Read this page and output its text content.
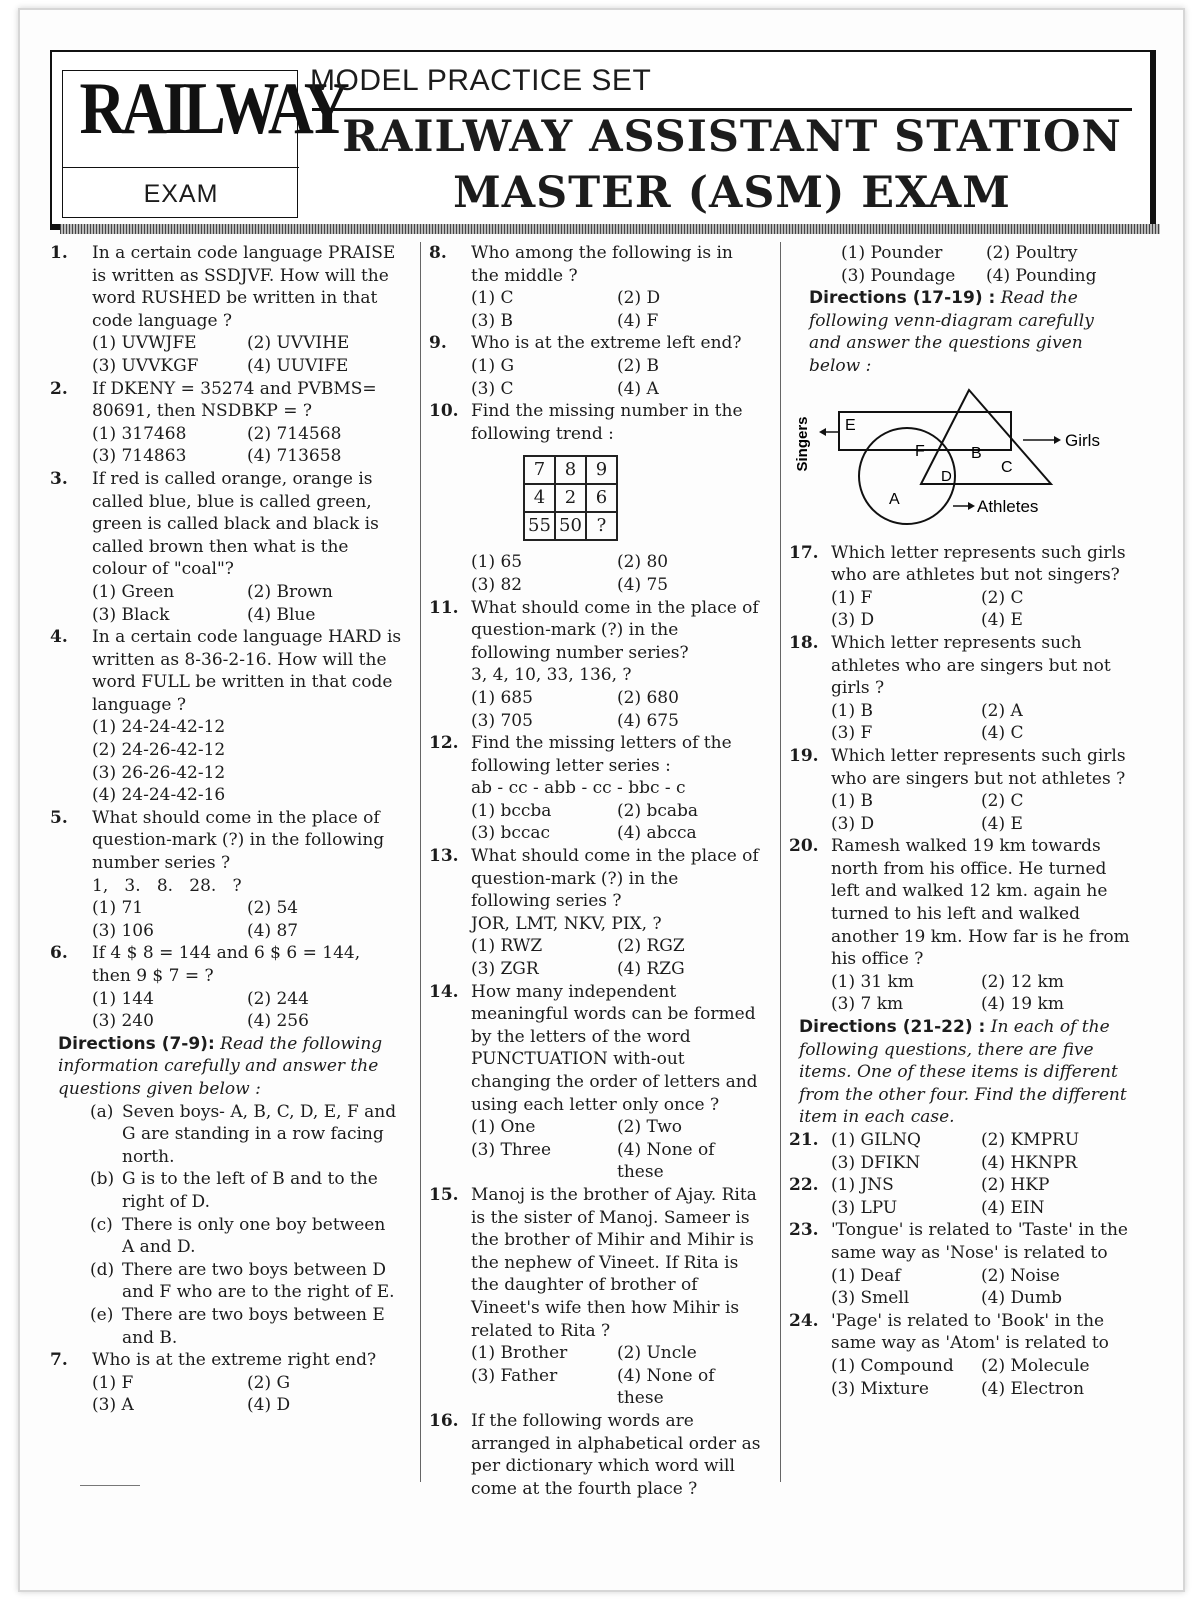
RAILWAY
EXAM
MODEL PRACTICE SET
RAILWAY ASSISTANT STATION
MASTER (ASM) EXAM
1. In a certain code language PRAISE is written as SSDJVF. How will the word RUSHED be written in that code language ?
(1) UVWJFE	(2) UVVIHE
(3) UVVKGF	(4) UUVIFE
2. If DKENY = 35274 and PVBMS= 80691, then NSDBKP = ?
(1) 317468	(2) 714568
(3) 714863	(4) 713658
3. If red is called orange, orange is called blue, blue is called green, green is called black and black is called brown then what is the colour of "coal"?
(1) Green	(2) Brown
(3) Black	(4) Blue
4. In a certain code language HARD is written as 8-36-2-16. How will the word FULL be written in that code language ?
(1) 24-24-42-12
(2) 24-26-42-12
(3) 26-26-42-12
(4) 24-24-42-16
5. What should come in the place of question-mark (?) in the following number series ?
1,   3.   8.   28.   ?
(1) 71	(2) 54
(3) 106	(4) 87
6. If 4 $ 8 = 144 and 6 $ 6 = 144, then 9 $ 7 = ?
(1) 144	(2) 244
(3) 240	(4) 256
Directions (7-9): Read the following information carefully and answer the questions given below :
(a) Seven boys- A, B, C, D, E, F and G are standing in a row facing north.
(b) G is to the left of B and to the right of D.
(c) There is only one boy between A and D.
(d) There are two boys between D and F who are to the right of E.
(e) There are two boys between E and B.
7. Who is at the extreme right end?
(1) F	(2) G
(3) A	(4) D
8. Who among the following is in the middle ?
(1) C	(2) D
(3) B	(4) F
9. Who is at the extreme left end?
(1) G	(2) B
(3) C	(4) A
10. Find the missing number in the following trend :
7	8	9
4	2	6
55	50	?
(1) 65	(2) 80
(3) 82	(4) 75
11. What should come in the place of question-mark (?) in the following number series?
3, 4, 10, 33, 136, ?
(1) 685	(2) 680
(3) 705	(4) 675
12. Find the missing letters of the following letter series :
ab - cc - abb - cc - bbc - c
(1) bccba	(2) bcaba
(3) bccac	(4) abcca
13. What should come in the place of question-mark (?) in the following series ?
JOR, LMT, NKV, PIX, ?
(1) RWZ	(2) RGZ
(3) ZGR	(4) RZG
14. How many independent meaningful words can be formed by the letters of the word PUNCTUATION with-out changing the order of letters and using each letter only once ?
(1) One	(2) Two
(3) Three	(4) None of these
15. Manoj is the brother of Ajay. Rita is the sister of Manoj. Sameer is the brother of Mihir and Mihir is the nephew of Vineet. If Rita is the daughter of brother of Vineet's wife then how Mihir is related to Rita ?
(1) Brother	(2) Uncle
(3) Father	(4) None of these
16. If the following words are arranged in alphabetical order as per dictionary which word will come at the fourth place ?
(1) Pounder	(2) Poultry
(3) Poundage	(4) Pounding
Directions (17-19) : Read the following venn-diagram carefully and answer the questions given below :
Singers	Girls
Athletes
E
F	B
D
C
A
17. Which letter represents such girls who are athletes but not singers?
(1) F	(2) C
(3) D	(4) E
18. Which letter represents such athletes who are singers but not girls ?
(1) B	(2) A
(3) F	(4) C
19. Which letter represents such girls who are singers but not athletes ?
(1) B	(2) C
(3) D	(4) E
20. Ramesh walked 19 km towards north from his office. He turned left and walked 12 km. again he turned to his left and walked another 19 km. How far is he from his office ?
(1) 31 km	(2) 12 km
(3) 7 km	(4) 19 km
Directions (21-22) : In each of the following questions, there are five items. One of these items is different from the other four. Find the different item in each case.
21. (1) GILNQ	(2) KMPRU
(3) DFIKN	(4) HKNPR
22. (1) JNS	(2) HKP
(3) LPU	(4) EIN
23. 'Tongue' is related to 'Taste' in the same way as 'Nose' is related to
(1) Deaf	(2) Noise
(3) Smell	(4) Dumb
24. 'Page' is related to 'Book' in the same way as 'Atom' is related to
(1) Compound	(2) Molecule
(3) Mixture	(4) Electron
